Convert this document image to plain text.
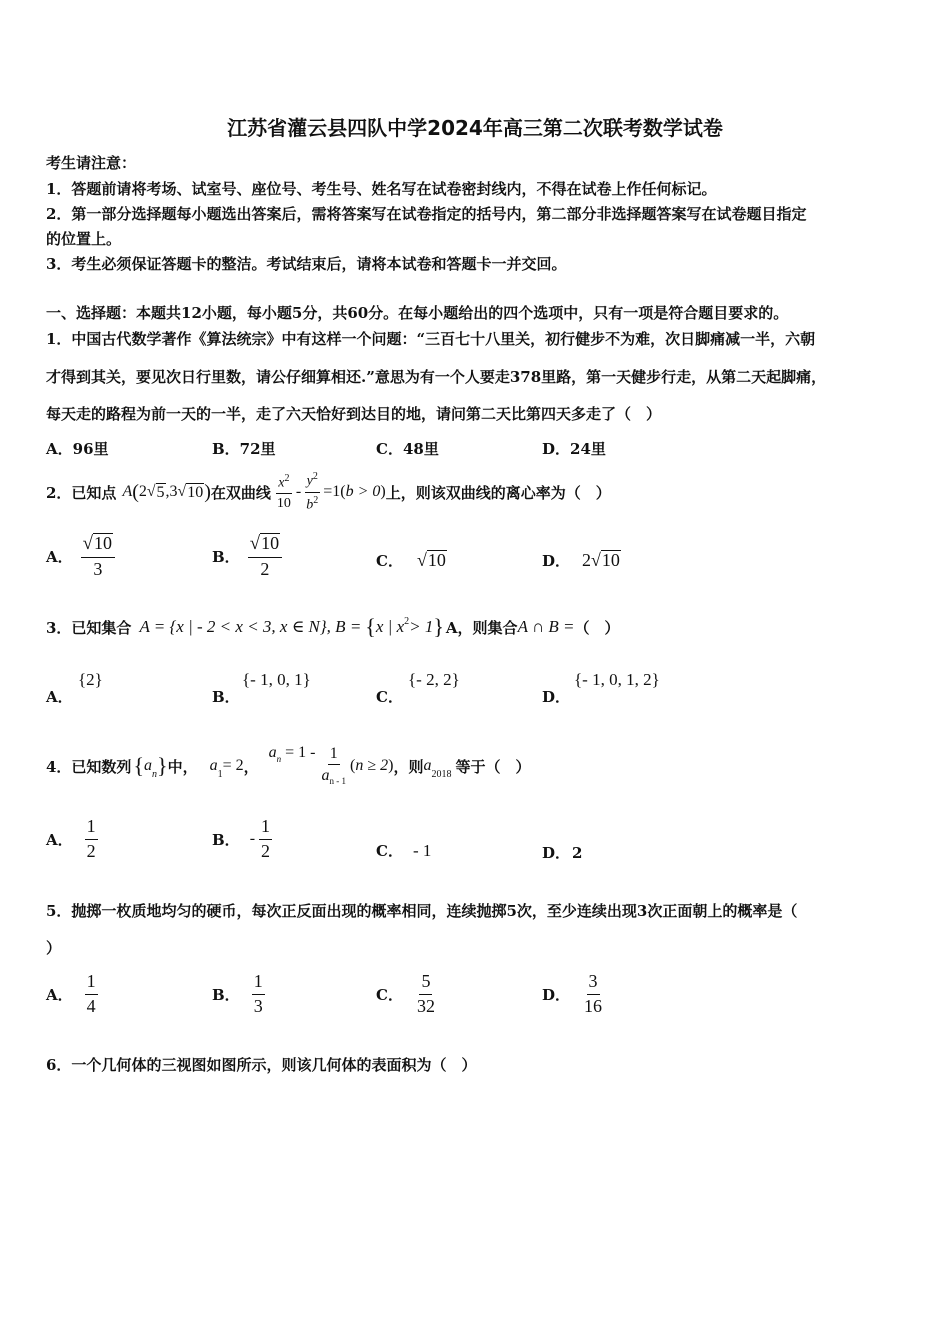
江苏省灌云县四队中学2024年高三第二次联考数学试卷
考生请注意：
1．答题前请将考场、试室号、座位号、考生号、姓名写在试卷密封线内，不得在试卷上作任何标记。
2．第一部分选择题每小题选出答案后，需将答案写在试卷指定的括号内，第二部分非选择题答案写在试卷题目指定
的位置上。
3．考生必须保证答题卡的整洁。考试结束后，请将本试卷和答题卡一并交回。
一、选择题：本题共12小题，每小题5分，共60分。在每小题给出的四个选项中，只有一项是符合题目要求的。
1．中国古代数学著作《算法统宗》中有这样一个问题：“三百七十八里关，初行健步不为难，次日脚痛减一半，六朝
才得到其关，要见次日行里数，请公仔细算相还.”意思为有一个人要走378里路，第一天健步行走，从第二天起脚痛，
每天走的路程为前一天的一半，走了六天恰好到达目的地，请问第二天比第四天多走了（　）
A．96里	B．72里	C．48里	D．24里
2．已知点 A ( 2 √ 5 ,3 √ 10 ) 在双曲线 $\frac{x^2}{10} - \frac{y^2}{b^2} =1$ ( b > 0 ) 上，则该双曲线的离心率为（　）
A． $\frac{√10}{3}$	B． $\frac{√10}{2}$	C． √ 10	D． 2 √ 10
3．已知集合 A = {x | - 2 < x < 3, x ∈ N}, B = { x | $x^2 > 1$ } A，则集合 A ∩ B = （　）
A．
{2}
B．
{- 1, 0, 1}
C．
{- 2, 2}
D．
{- 1, 0, 1, 2}
4．已知数列 { a
$_n$ } 中， a
$_1$
= 2 ，
$a_n = 1 - \frac{1}{a_{n - 1}}$ ( n ≥ 2 ) ，则 a
$_{2018}$ 等于（　）
A． $\frac{1}{2}$	B． - $\frac{1}{2}$	C． - 1	D． 2
5．抛掷一枚质地均匀的硬币，每次正反面出现的概率相同，连续抛掷5次，至少连续出现3次正面朝上的概率是（
）
A． $\frac{1}{4}$	B． $\frac{1}{3}$	C． $\frac{5}{32}$	D． $\frac{3}{16}$
6．一个几何体的三视图如图所示，则该几何体的表面积为（　）
